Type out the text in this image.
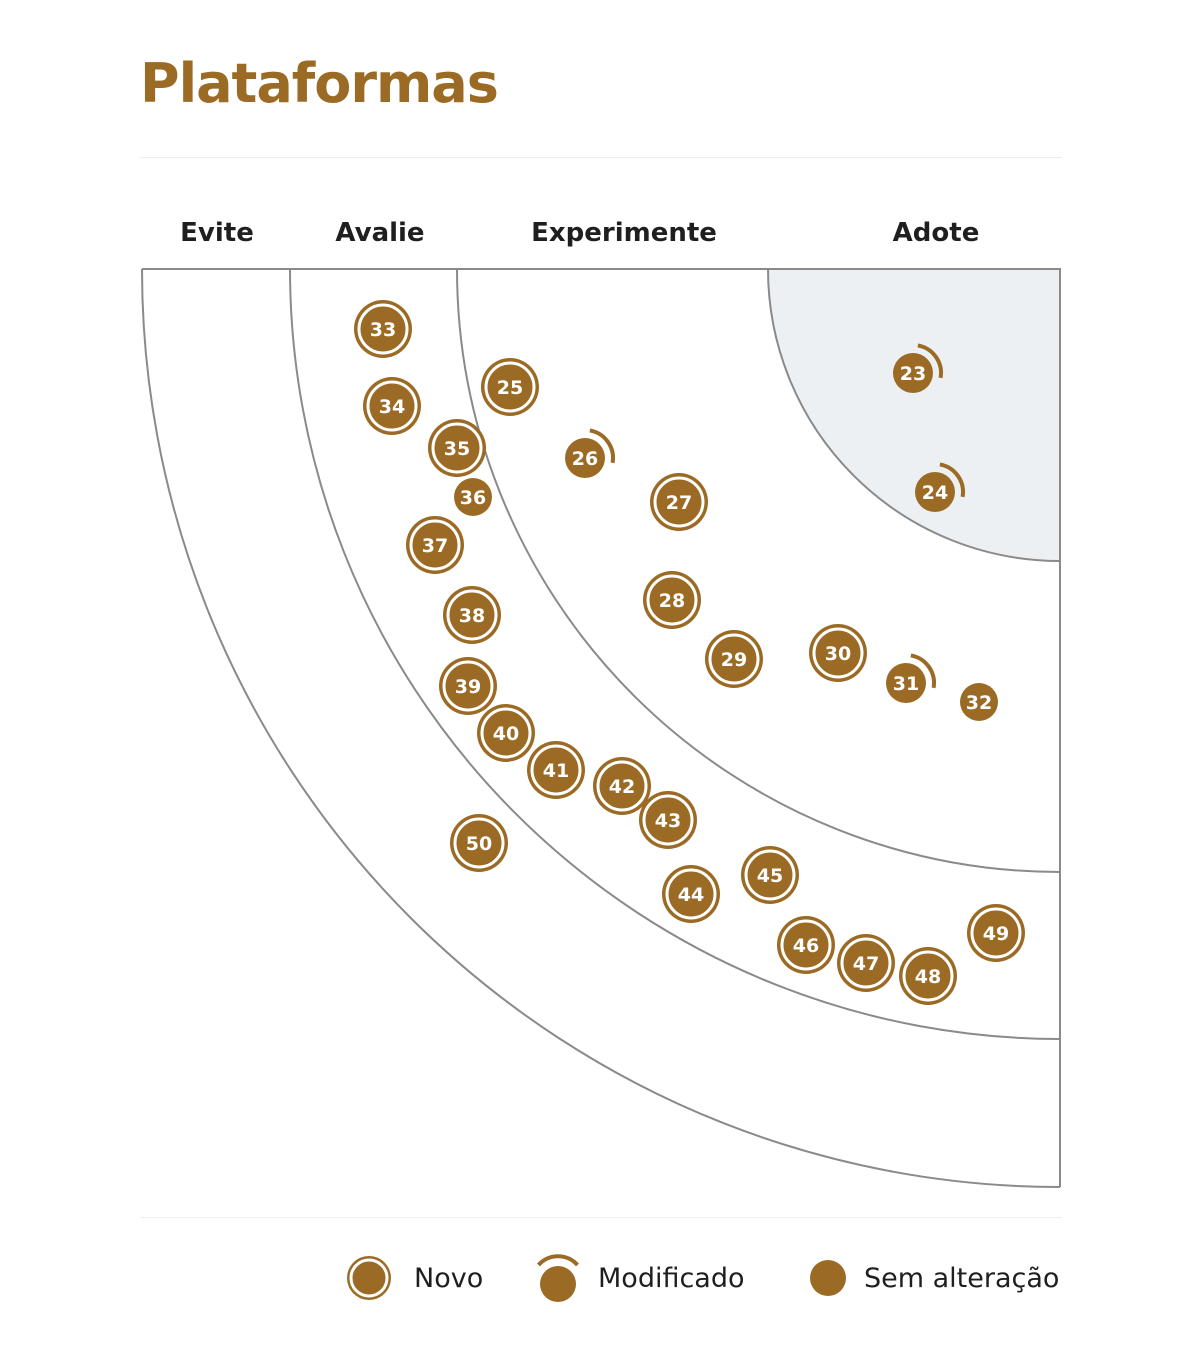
Plataformas
Evite	Avalie	Experimente	Adote
23
24
25
26
27
28
29	30
31
32
33
34
35
36
37
38
39
40
41
42
43
44
45
46
47
48
49
50
Novo	Modificado	Sem alteração
